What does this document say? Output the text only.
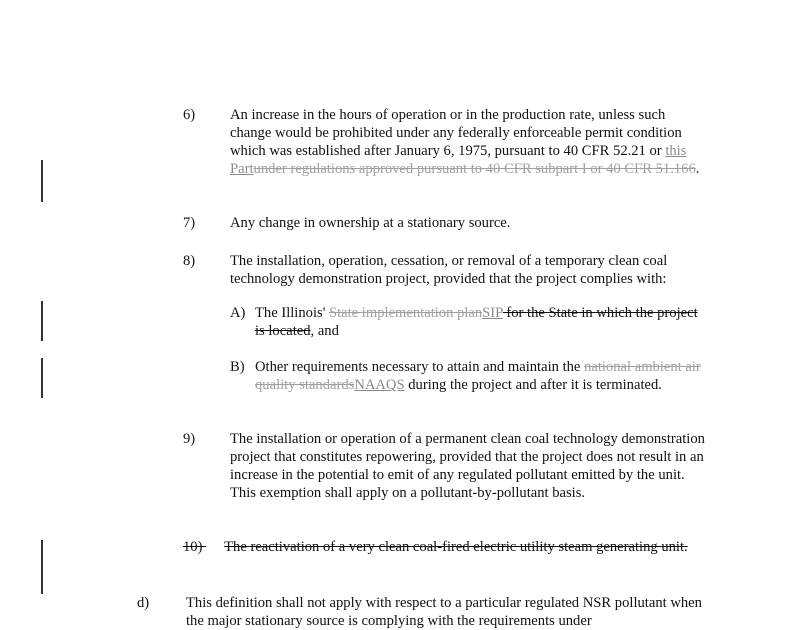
6) An increase in the hours of operation or in the production rate, unless such change would be prohibited under any federally enforceable permit condition which was established after January 6, 1975, pursuant to 40 CFR 52.21 or this Partunder regulations approved pursuant to 40 CFR subpart I or 40 CFR 51.166.
7) Any change in ownership at a stationary source.
8) The installation, operation, cessation, or removal of a temporary clean coal technology demonstration project, provided that the project complies with:
A) The Illinois' State implementation planSIP for the State in which the project is located, and
B) Other requirements necessary to attain and maintain the national ambient air quality standardsNAAQS during the project and after it is terminated.
9) The installation or operation of a permanent clean coal technology demonstration project that constitutes repowering, provided that the project does not result in an increase in the potential to emit of any regulated pollutant emitted by the unit. This exemption shall apply on a pollutant-by-pollutant basis.
10) The reactivation of a very clean coal-fired electric utility steam generating unit.
d)	This definition shall not apply with respect to a particular regulated NSR pollutant when the major stationary source is complying with the requirements under
